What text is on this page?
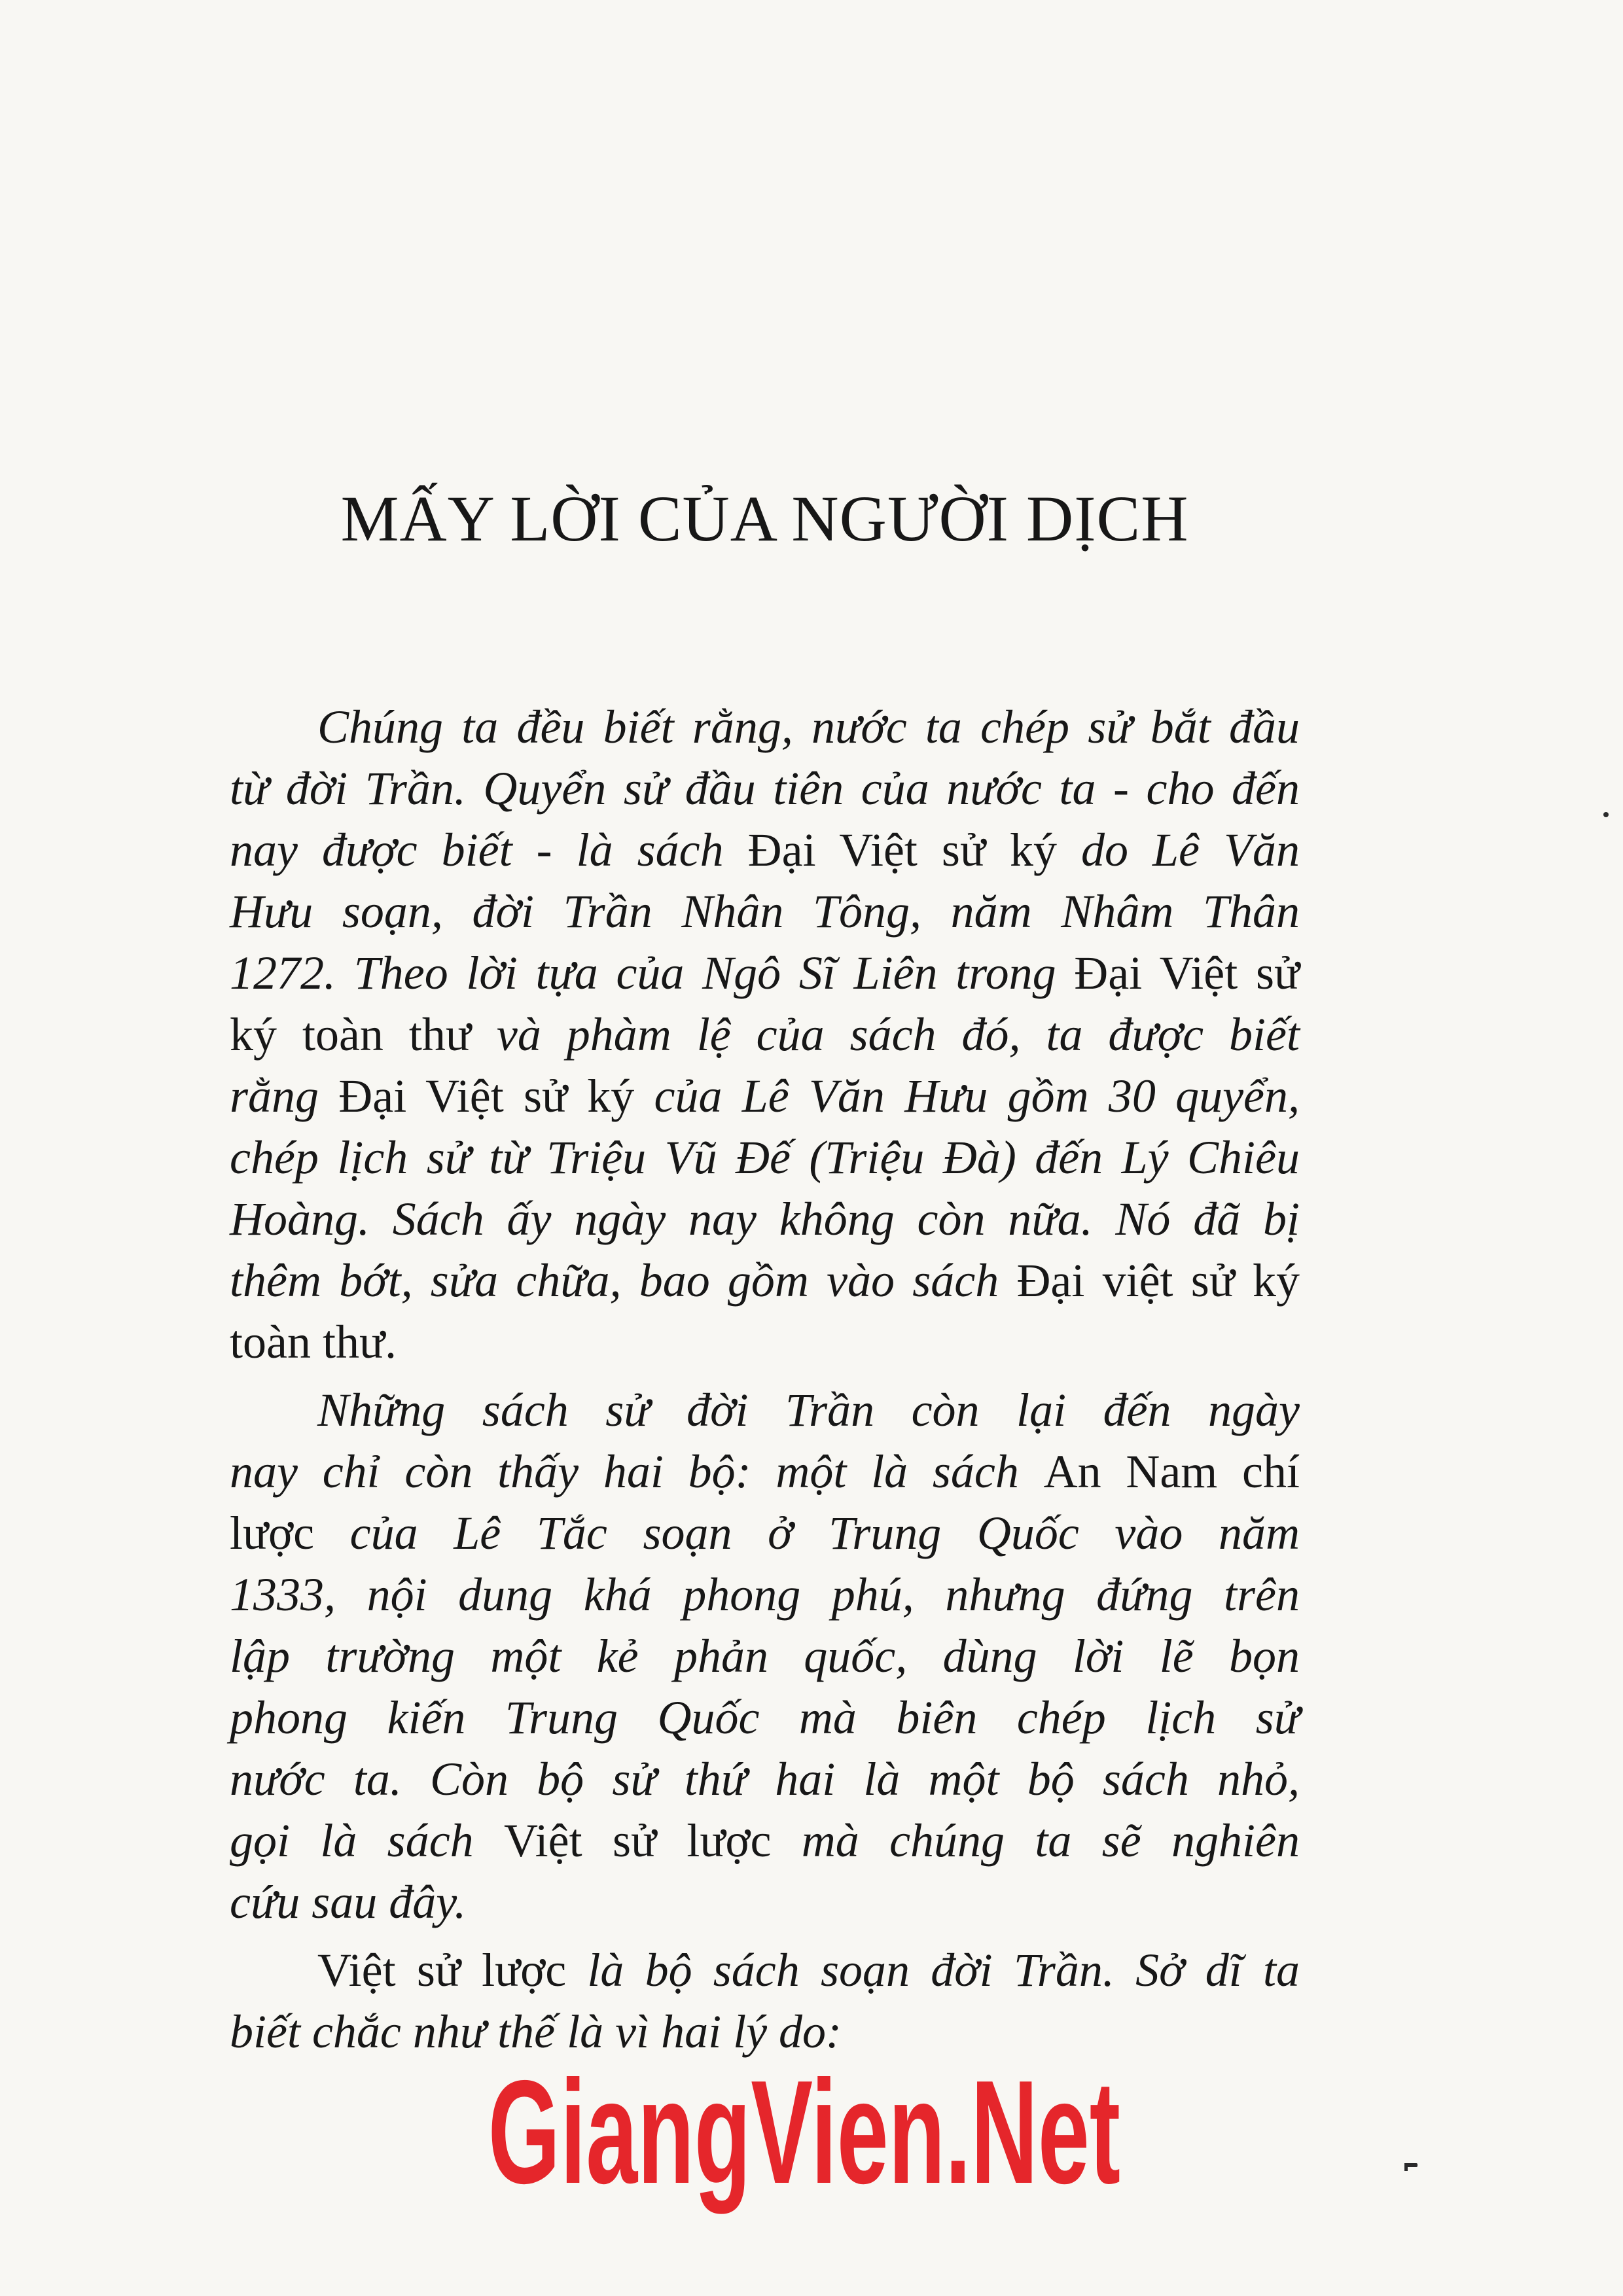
MẤY LỜI CỦA NGƯỜI DỊCH
Chúng ta đều biết rằng, nước ta chép sử bắt đầu
từ đời Trần. Quyển sử đầu tiên của nước ta - cho đến
nay được biết - là sách Đại Việt sử ký do Lê Văn
Hưu soạn, đời Trần Nhân Tông, năm Nhâm Thân
1272. Theo lời tựa của Ngô Sĩ Liên trong Đại Việt sử
ký toàn thư và phàm lệ của sách đó, ta được biết
rằng Đại Việt sử ký của Lê Văn Hưu gồm 30 quyển,
chép lịch sử từ Triệu Vũ Đế (Triệu Đà) đến Lý Chiêu
Hoàng. Sách ấy ngày nay không còn nữa. Nó đã bị
thêm bớt, sửa chữa, bao gồm vào sách Đại việt sử ký
toàn thư.
Những sách sử đời Trần còn lại đến ngày
nay chỉ còn thấy hai bộ: một là sách An Nam chí
lược của Lê Tắc soạn ở Trung Quốc vào năm
1333, nội dung khá phong phú, nhưng đứng trên
lập trường một kẻ phản quốc, dùng lời lẽ bọn
phong kiến Trung Quốc mà biên chép lịch sử
nước ta. Còn bộ sử thứ hai là một bộ sách nhỏ,
gọi là sách Việt sử lược mà chúng ta sẽ nghiên
cứu sau đây.
Việt sử lược là bộ sách soạn đời Trần. Sở dĩ ta
biết chắc như thế là vì hai lý do:
GiangVien.Net
